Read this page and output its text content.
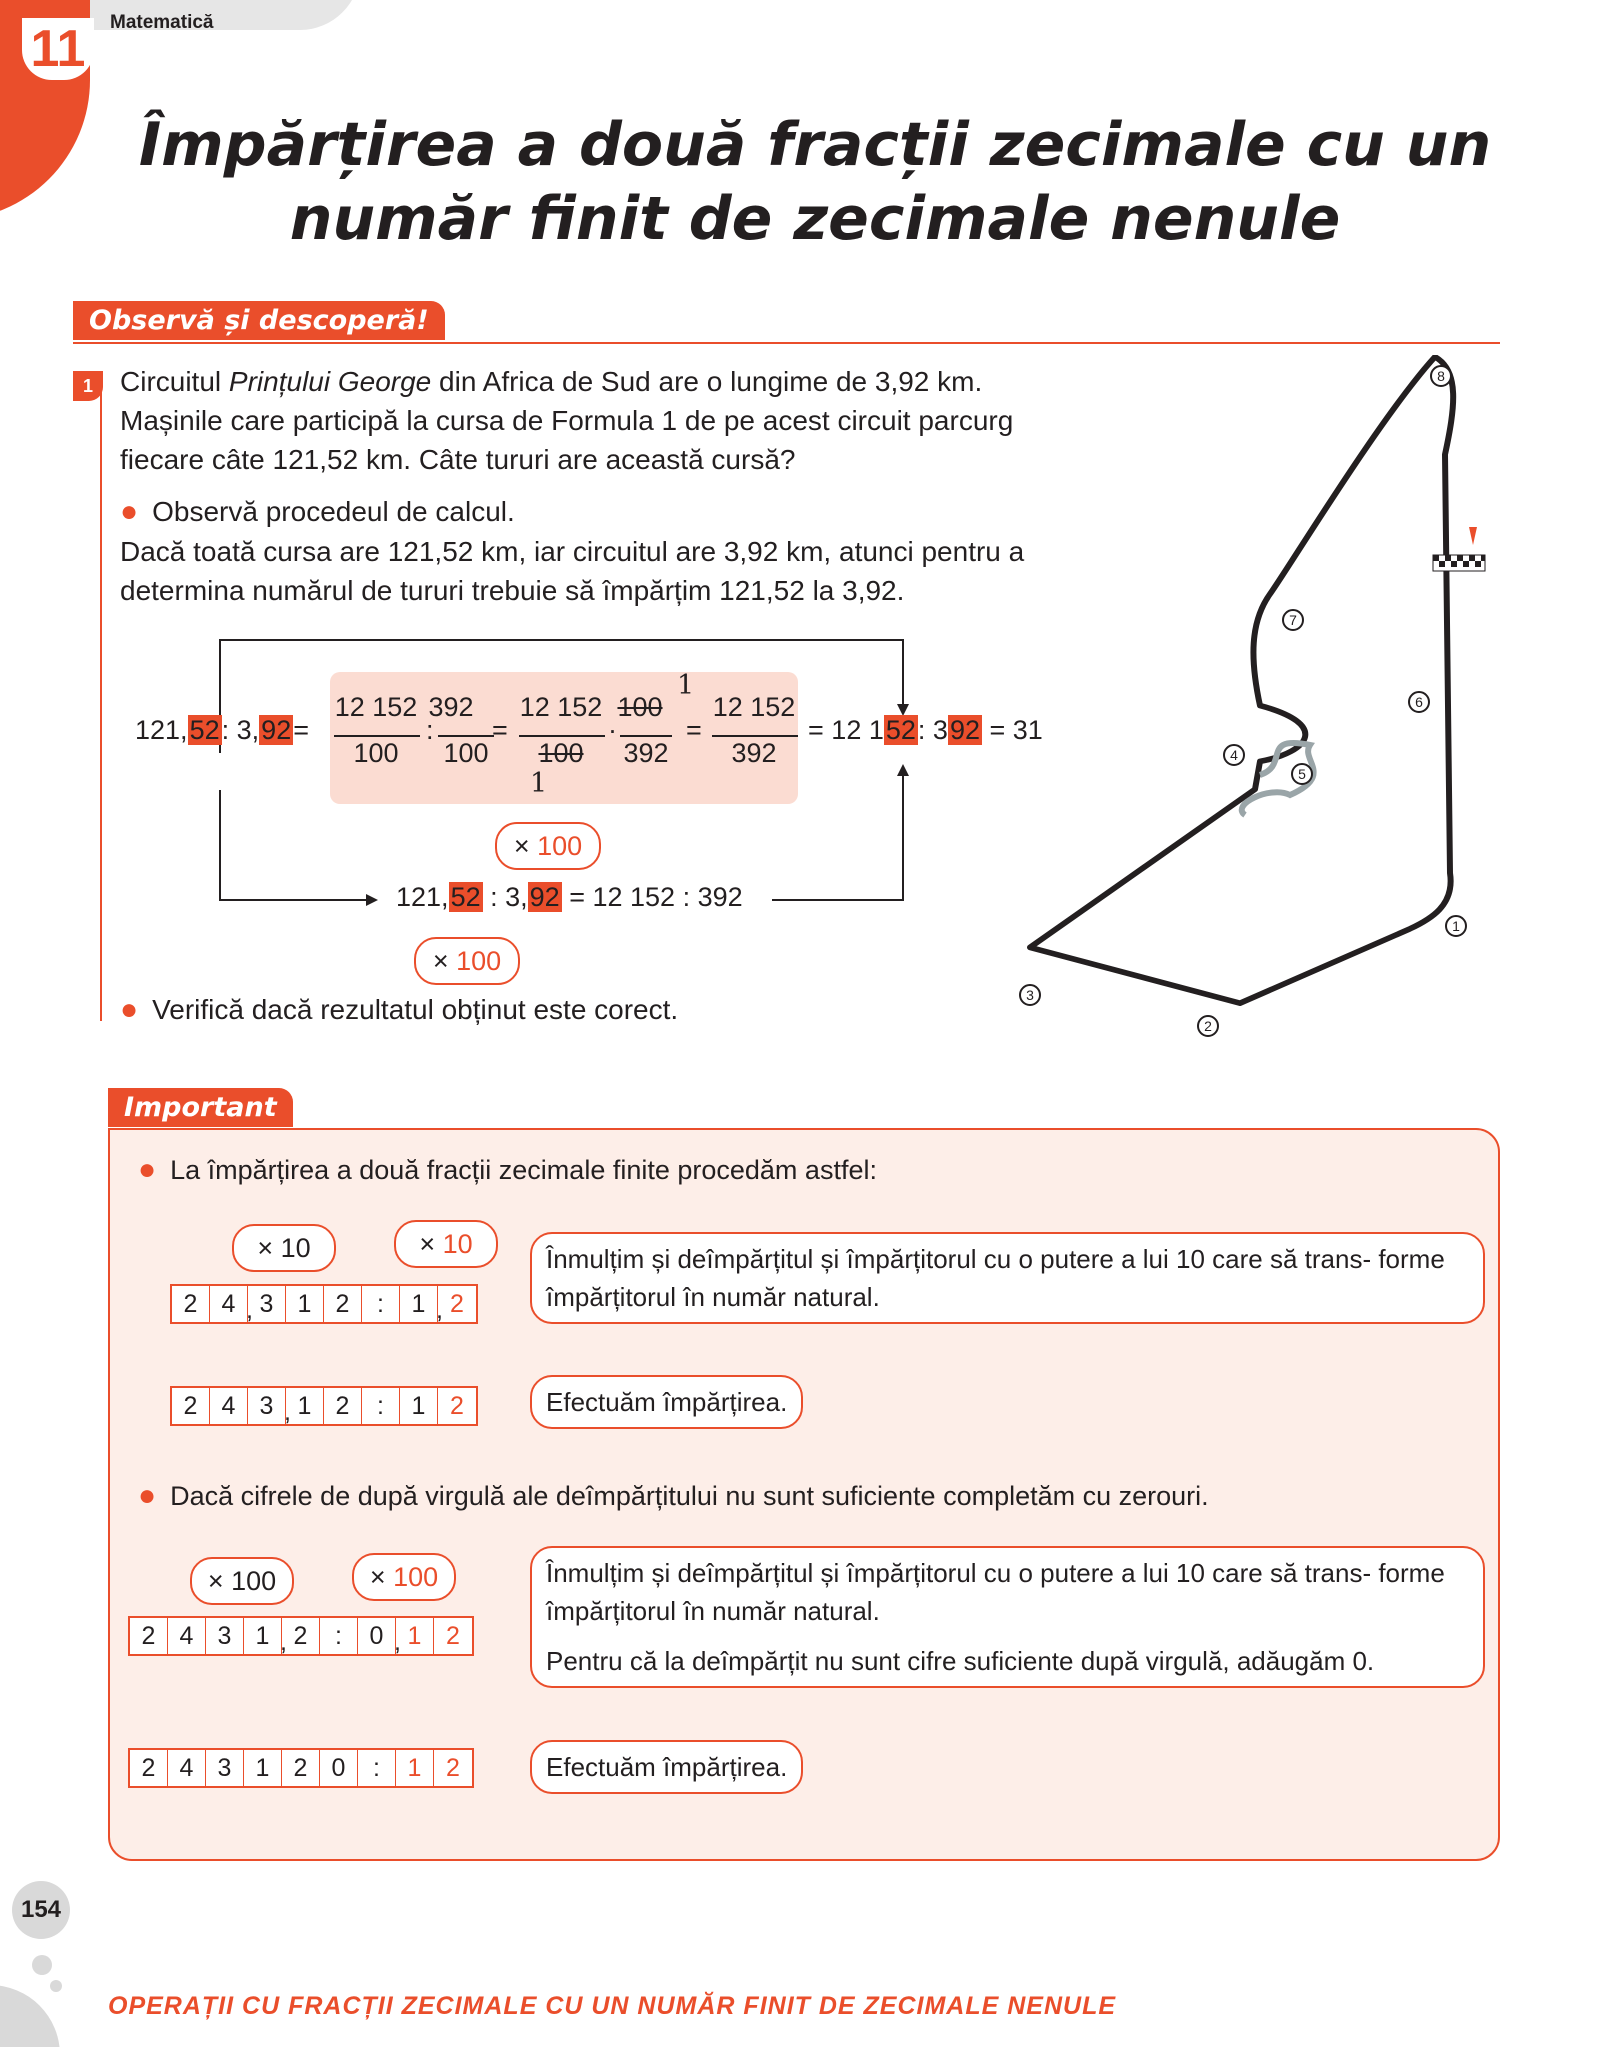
11	Matematică
Împărțirea a două fracții zecimale cu un număr finit de zecimale nenule
Observă și descoperă!
1 Circuitul Prințului George din Africa de Sud are o lungime de 3,92 km. Mașinile care participă la cursa de Formula 1 de pe acest circuit parcurg fiecare câte 121,52 km. Câte tururi are această cursă?
● Observă procedeul de calcul.
Dacă toată cursa are 121,52 km, iar circuitul are 3,92 km, atunci pentru a determina numărul de tururi trebuie să împărțim 121,52 la 3,92.
121,52: 3,92=
12 152
100
:
392
100
=
12 152
100
·
100
392
1
1
=
12 152
392
= 12 152: 392 = 31
× 100
121,52 : 3,92 = 12 152 : 392
× 100
● Verifică dacă rezultatul obținut este corect.
8
7
6
4
5
1
3
2
Important
● La împărțirea a două fracții zecimale finite procedăm astfel:
× 10	× 10
2 4 , 3 1 2	:	1 , 2
Înmulțim și deîmpărțitul și împărțitorul cu o putere a lui 10 care să trans- forme împărțitorul în număr natural.
2 4 3 , 1 2	:	1 2	Efectuăm împărțirea.
● Dacă cifrele de după virgulă ale deîmpărțitului nu sunt suficiente completăm cu zerouri.
× 100	× 100
2 4 3 1 , 2	:	0 , 1 2
Înmulțim și deîmpărțitul și împărțitorul cu o putere a lui 10 care să trans- forme împărțitorul în număr natural.
Pentru că la deîmpărțit nu sunt cifre suficiente după virgulă, adăugăm 0.
2 4 3 1 2 0	:	1 2	Efectuăm împărțirea.
154
OPERAȚII CU FRACȚII ZECIMALE CU UN NUMĂR FINIT DE ZECIMALE NENULE
